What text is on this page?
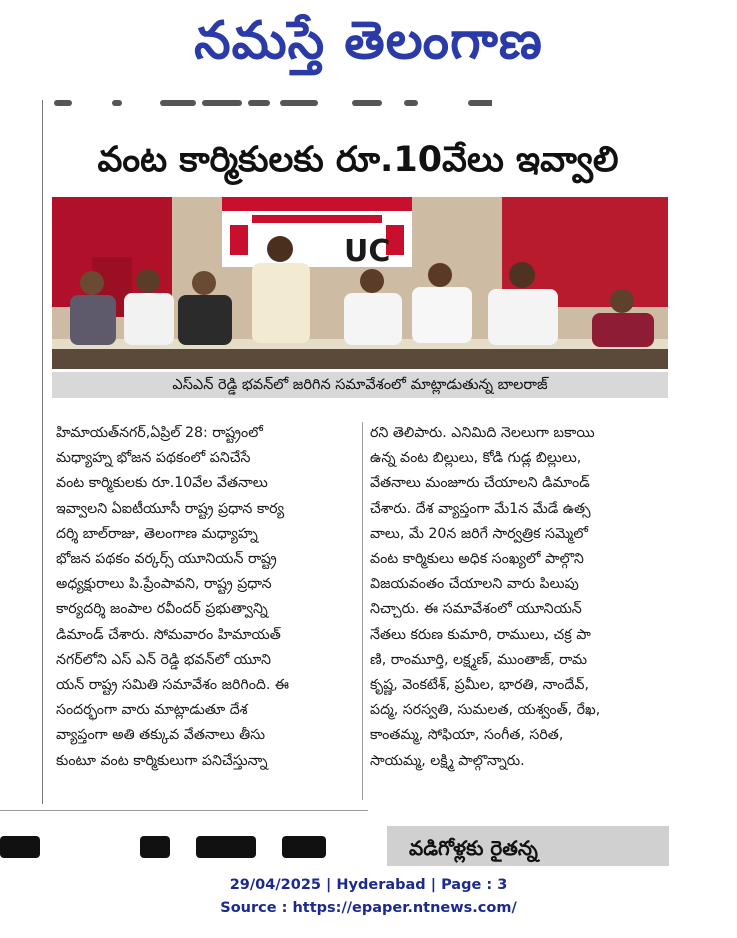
నమస్తే తెలంగాణ
వంట కార్మికులకు రూ.10వేలు ఇవ్వాలి
UC
ఎస్ఎన్ రెడ్డి భవన్‌లో జరిగిన సమావేశంలో మాట్లాడుతున్న బాలరాజ్
హిమాయత్‌నగర్,ఏప్రిల్ 28: రాష్ట్రంలో
మధ్యాహ్న భోజన పథకంలో పనిచేసే
వంట కార్మికులకు రూ.10వేల వేతనాలు
ఇవ్వాలని ఏఐటీయూసీ రాష్ట్ర ప్రధాన కార్య
దర్శి బాల్‌రాజు, తెలంగాణ మధ్యాహ్న
భోజన పథకం వర్కర్స్ యూనియన్ రాష్ట్ర
అధ్యక్షురాలు పి.ప్రేంపావని, రాష్ట్ర ప్రధాన
కార్యదర్శి జంపాల రవీందర్ ప్రభుత్వాన్ని
డిమాండ్ చేశారు. సోమవారం హిమాయత్
నగర్‌లోని ఎస్ ఎన్ రెడ్డి భవన్‌లో యూని
యన్ రాష్ట్ర సమితి సమావేశం జరిగింది. ఈ
సందర్భంగా వారు మాట్లాడుతూ దేశ
వ్యాప్తంగా అతి తక్కువ వేతనాలు తీసు
కుంటూ వంట కార్మికులుగా పనిచేస్తున్నా
రని తెలిపారు. ఎనిమిది నెలలుగా బకాయి
ఉన్న వంట బిల్లులు, కోడి గుడ్ల బిల్లులు,
వేతనాలు మంజూరు చేయాలని డిమాండ్
చేశారు. దేశ వ్యాప్తంగా మే1న మేడే ఉత్స
వాలు, మే 20న జరిగే సార్వత్రిక సమ్మెలో
వంట కార్మికులు అధిక సంఖ్యలో పాల్గొని
విజయవంతం చేయాలని వారు పిలుపు
నిచ్చారు. ఈ సమావేశంలో యూనియన్
నేతలు కరుణ కుమారి, రాములు, చక్ర పా
ణి, రాంమూర్తి, లక్ష్మణ్, ముంతాజ్, రామ
కృష్ణ, వెంకటేశ్, ప్రమీల, భారతి, నాందేవ్,
పద్మ, సరస్వతి, సుమలత, యశ్వంత్, రేఖ,
కాంతమ్మ, సోఫియా, సంగీత, సరిత,
సాయమ్మ, లక్ష్మి పాల్గొన్నారు.
వడిగోళ్లకు రైతన్న
29/04/2025 | Hyderabad | Page : 3
Source : https://epaper.ntnews.com/
